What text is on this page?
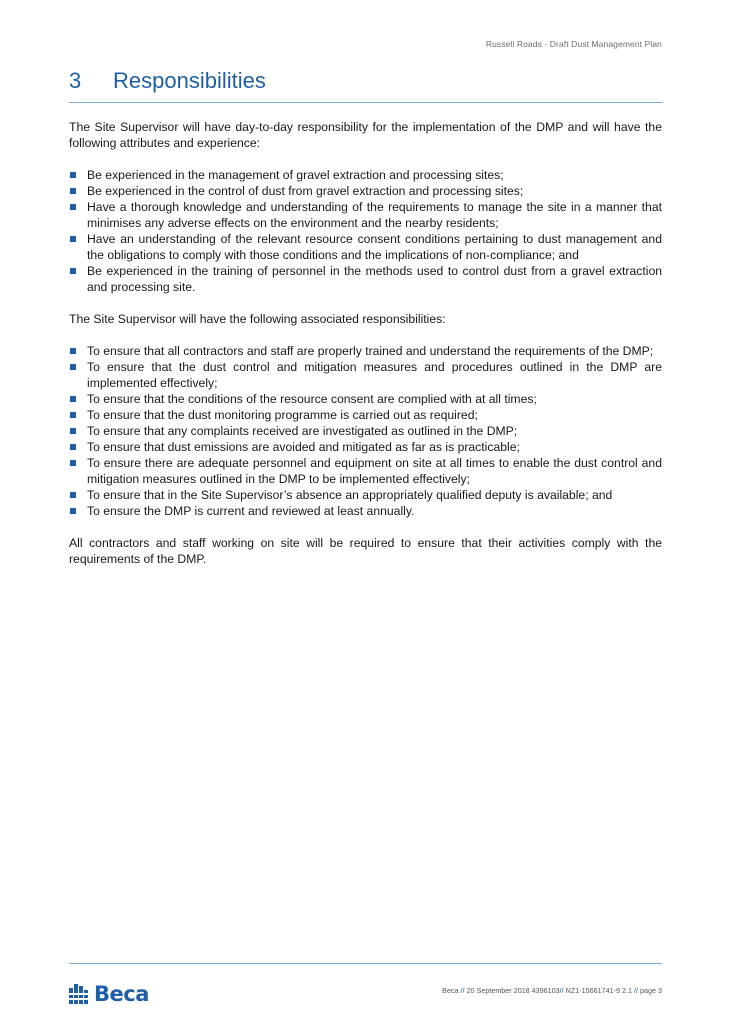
Russell Roads - Draft Dust Management Plan
3 Responsibilities

The Site Supervisor will have day-to-day responsibility for the implementation of the DMP and will have the following attributes and experience:

Be experienced in the management of gravel extraction and processing sites;
Be experienced in the control of dust from gravel extraction and processing sites;
Have a thorough knowledge and understanding of the requirements to manage the site in a manner that minimises any adverse effects on the environment and the nearby residents;
Have an understanding of the relevant resource consent conditions pertaining to dust management and the obligations to comply with those conditions and the implications of non-compliance; and
Be experienced in the training of personnel in the methods used to control dust from a gravel extraction and processing site.

The Site Supervisor will have the following associated responsibilities:

To ensure that all contractors and staff are properly trained and understand the requirements of the DMP;
To ensure that the dust control and mitigation measures and procedures outlined in the DMP are implemented effectively;
To ensure that the conditions of the resource consent are complied with at all times;
To ensure that the dust monitoring programme is carried out as required;
To ensure that any complaints received are investigated as outlined in the DMP;
To ensure that dust emissions are avoided and mitigated as far as is practicable;
To ensure there are adequate personnel and equipment on site at all times to enable the dust control and mitigation measures outlined in the DMP to be implemented effectively;
To ensure that in the Site Supervisor’s absence an appropriately qualified deputy is available; and
To ensure the DMP is current and reviewed at least annually.

All contractors and staff working on site will be required to ensure that their activities comply with the requirements of the DMP.

Beca	Beca // 20 September 2018 4396103// NZ1-15661741-9 2.1 // page 3
